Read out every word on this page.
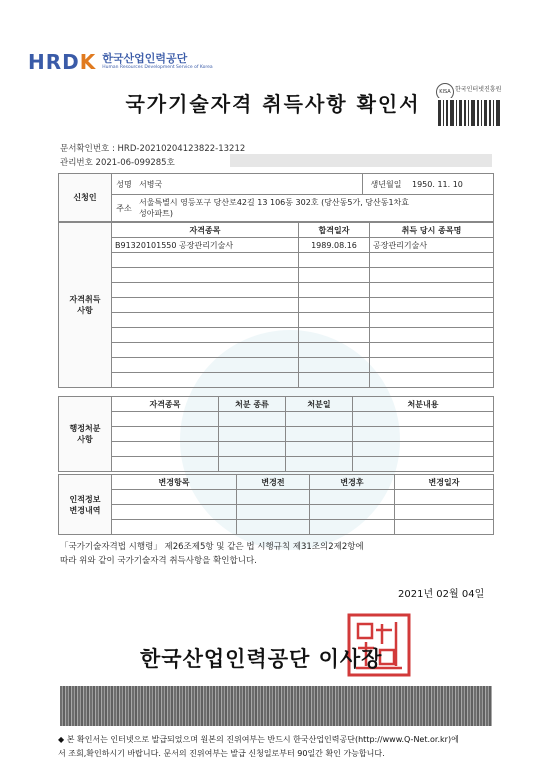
HRDK 한국산업인력공단
Human Resources Development Service of Korea
KISA 한국인터넷진흥원
국가기술자격 취득사항 확인서
문서확인번호 : HRD-20210204123822-13212
관리번호 2021-06-099285호
신청인	성명	서병국	생년월일	1950. 11. 10
	주소	서울특별시 영등포구 당산로42길 13 106동 302호 (당산동5가, 당산동1차효
성아파트)		
자격취득
사항	자격종목	합격일자	취득 당시 종목명
	B91320101550 공장관리기술사	1989.08.16	공장관리기술사

행정처분
사항	자격종목	처분 종류	처분일	처분내용

인적정보
변경내역	변경항목	변경전	변경후	변경일자

「국가기술자격법 시행령」 제26조제5항 및 같은 법 시행규칙 제31조의2제2항에
따라 위와 같이 국가기술자격 취득사항을 확인합니다.
2021년 02월 04일
한국산업인력공단 이사장
◆ 본 확인서는 인터넷으로 발급되었으며 원본의 진위여부는 반드시 한국산업인력공단(http://www.Q-Net.or.kr)에
서 조회,확인하시기 바랍니다. 문서의 진위여부는 발급 신청일로부터 90일간 확인 가능합니다.
